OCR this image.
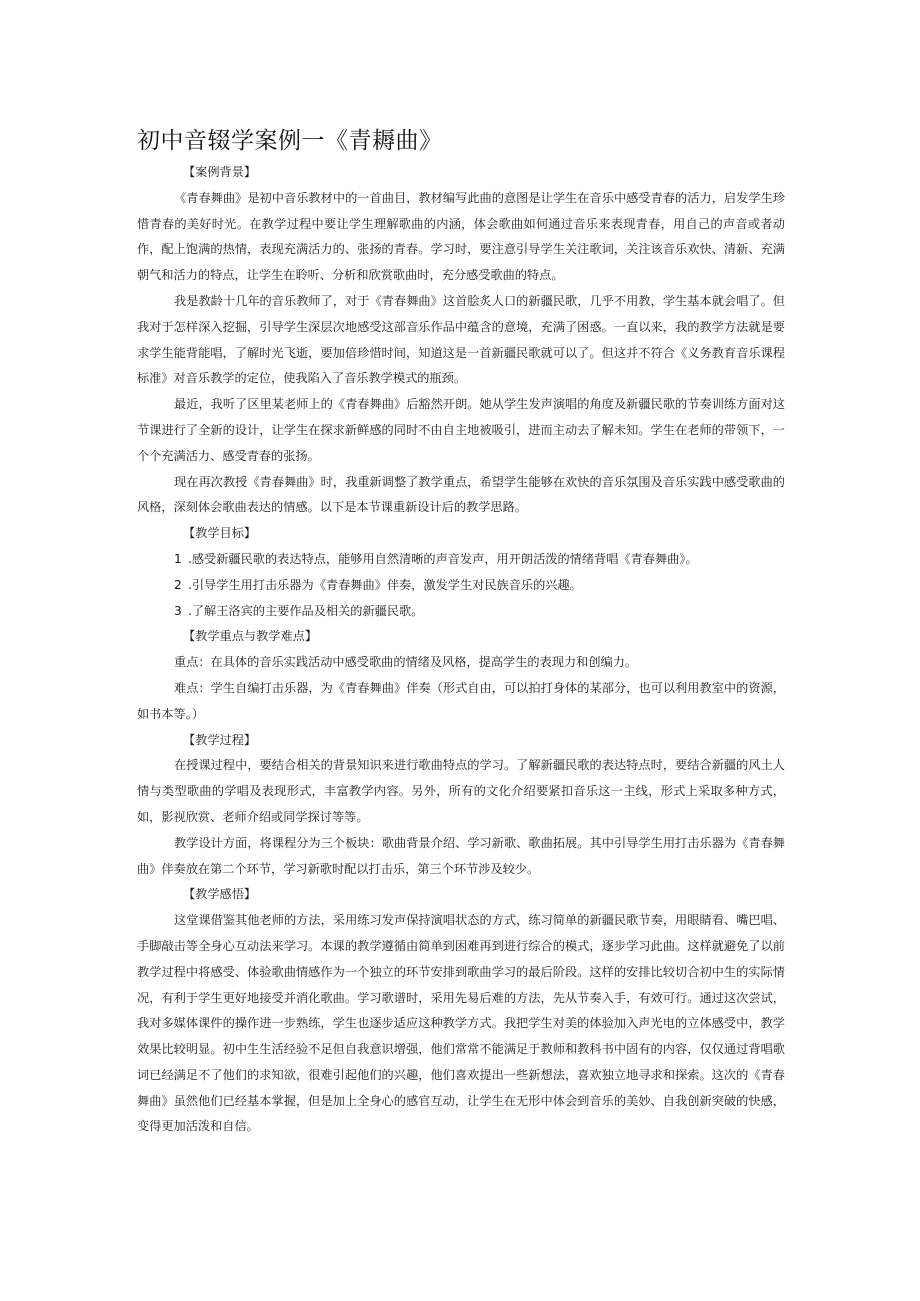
初中音辍学案例一《青耨曲》

【案例背景】

《青春舞曲》是初中音乐教材中的一首曲目，教材编写此曲的意图是让学生在音乐中感受青春的活力，启发学生珍惜青春的美好时光。在教学过程中要让学生理解歌曲的内涵，体会歌曲如何通过音乐来表现青春，用自己的声音或者动作，配上饱满的热情，表现充满活力的、张扬的青春。学习时，要注意引导学生关注歌词，关注该音乐欢快、清新、充满朝气和活力的特点，让学生在聆听、分析和欣赏歌曲时，充分感受歌曲的特点。

我是教龄十几年的音乐教师了，对于《青春舞曲》这首脍炙人口的新疆民歌，几乎不用教，学生基本就会唱了。但我对于怎样深入挖掘，引导学生深层次地感受这部音乐作品中蕴含的意境，充满了困惑。一直以来，我的教学方法就是要求学生能背能唱，了解时光飞逝，要加倍珍惜时间，知道这是一首新疆民歌就可以了。但这并不符合《义务教育音乐课程标准》对音乐教学的定位，使我陷入了音乐教学模式的瓶颈。

最近，我听了区里某老师上的《青春舞曲》后豁然开朗。她从学生发声演唱的角度及新疆民歌的节奏训练方面对这节课进行了全新的设计，让学生在探求新鲜感的同时不由自主地被吸引，进而主动去了解未知。学生在老师的带领下，一个个充满活力、感受青春的张扬。

现在再次教授《青春舞曲》时，我重新调整了教学重点，希望学生能够在欢快的音乐氛围及音乐实践中感受歌曲的风格，深刻体会歌曲表达的情感。以下是本节课重新设计后的教学思路。

【教学目标】

1 .感受新疆民歌的表达特点，能够用自然清晰的声音发声，用开朗活泼的情绪背唱《青春舞曲》。
2 .引导学生用打击乐器为《青春舞曲》伴奏，激发学生对民族音乐的兴趣。
3 .了解王洛宾的主要作品及相关的新疆民歌。

【教学重点与教学难点】

重点：在具体的音乐实践活动中感受歌曲的情绪及风格，提高学生的表现力和创编力。

难点：学生自编打击乐器，为《青春舞曲》伴奏（形式自由，可以拍打身体的某部分，也可以利用教室中的资源，如书本等。）

【教学过程】

在授课过程中，要结合相关的背景知识来进行歌曲特点的学习。了解新疆民歌的表达特点时，要结合新疆的风土人情与类型歌曲的学唱及表现形式，丰富教学内容。另外，所有的文化介绍要紧扣音乐这一主线，形式上采取多种方式，如，影视欣赏、老师介绍或同学探讨等等。

教学设计方面，将课程分为三个板块：歌曲背景介绍、学习新歌、歌曲拓展。其中引导学生用打击乐器为《青春舞曲》伴奏放在第二个环节，学习新歌时配以打击乐，第三个环节涉及较少。

【教学感悟】

这堂课借鉴其他老师的方法，采用练习发声保持演唱状态的方式，练习简单的新疆民歌节奏，用眼睛看、嘴巴唱、手脚敲击等全身心互动法来学习。本课的教学遵循由简单到困难再到进行综合的模式，逐步学习此曲。这样就避免了以前教学过程中将感受、体验歌曲情感作为一个独立的环节安排到歌曲学习的最后阶段。这样的安排比较切合初中生的实际情况，有利于学生更好地接受并消化歌曲。学习歌谱时，采用先易后难的方法，先从节奏入手，有效可行。通过这次尝试，我对多媒体课件的操作进一步熟练，学生也逐步适应这种教学方式。我把学生对美的体验加入声光电的立体感受中，教学效果比较明显。初中生生活经验不足但自我意识增强，他们常常不能满足于教师和教科书中固有的内容，仅仅通过背唱歌词已经满足不了他们的求知欲，很难引起他们的兴趣，他们喜欢提出一些新想法，喜欢独立地寻求和探索。这次的《青春舞曲》虽然他们已经基本掌握，但是加上全身心的感官互动，让学生在无形中体会到音乐的美妙、自我创新突破的快感，变得更加活泼和自信。
